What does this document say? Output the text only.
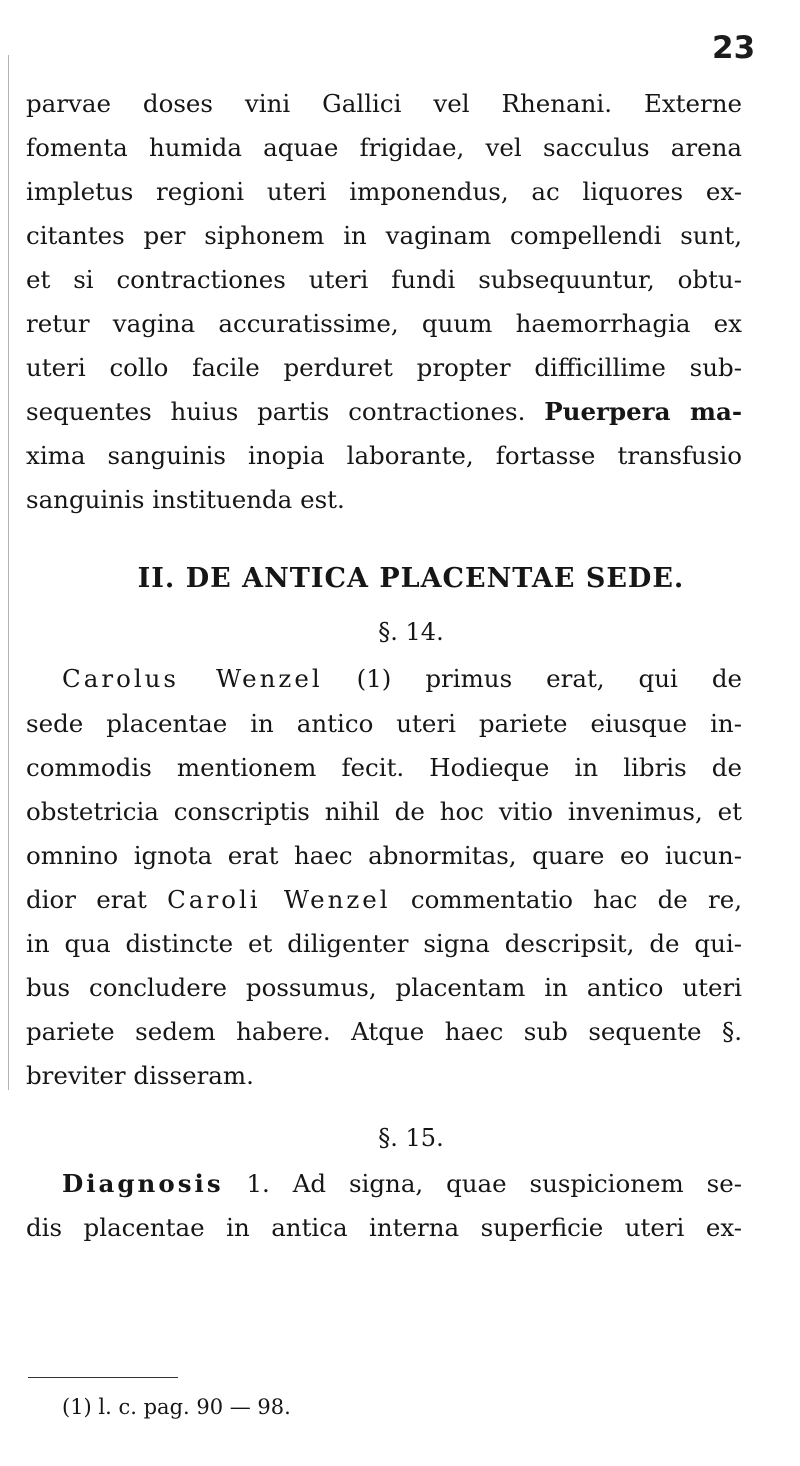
23

parvae doses vini Gallici vel Rhenani. Externe

fomenta humida aquae frigidae, vel sacculus arena

impletus regioni uteri imponendus, ac liquores ex-

citantes per siphonem in vaginam compellendi sunt,

et si contractiones uteri fundi subsequuntur, obtu-

retur vagina accuratissime, quum haemorrhagia ex

uteri collo facile perduret propter difficillime sub-

sequentes huius partis contractiones. Puerpera ma-

xima sanguinis inopia laborante, fortasse transfusio

sanguinis instituenda est.

II. DE ANTICA PLACENTAE SEDE.

§. 14.

Carolus Wenzel (1) primus erat, qui de

sede placentae in antico uteri pariete eiusque in-

commodis mentionem fecit. Hodieque in libris de

obstetricia conscriptis nihil de hoc vitio invenimus, et

omnino ignota erat haec abnormitas, quare eo iucun-

dior erat Caroli Wenzel commentatio hac de re,

in qua distincte et diligenter signa descripsit, de qui-

bus concludere possumus, placentam in antico uteri

pariete sedem habere. Atque haec sub sequente §.

breviter disseram.

§. 15.

Diagnosis 1. Ad signa, quae suspicionem se-

dis placentae in antica interna superficie uteri ex-

(1) l. c. pag. 90 — 98.
